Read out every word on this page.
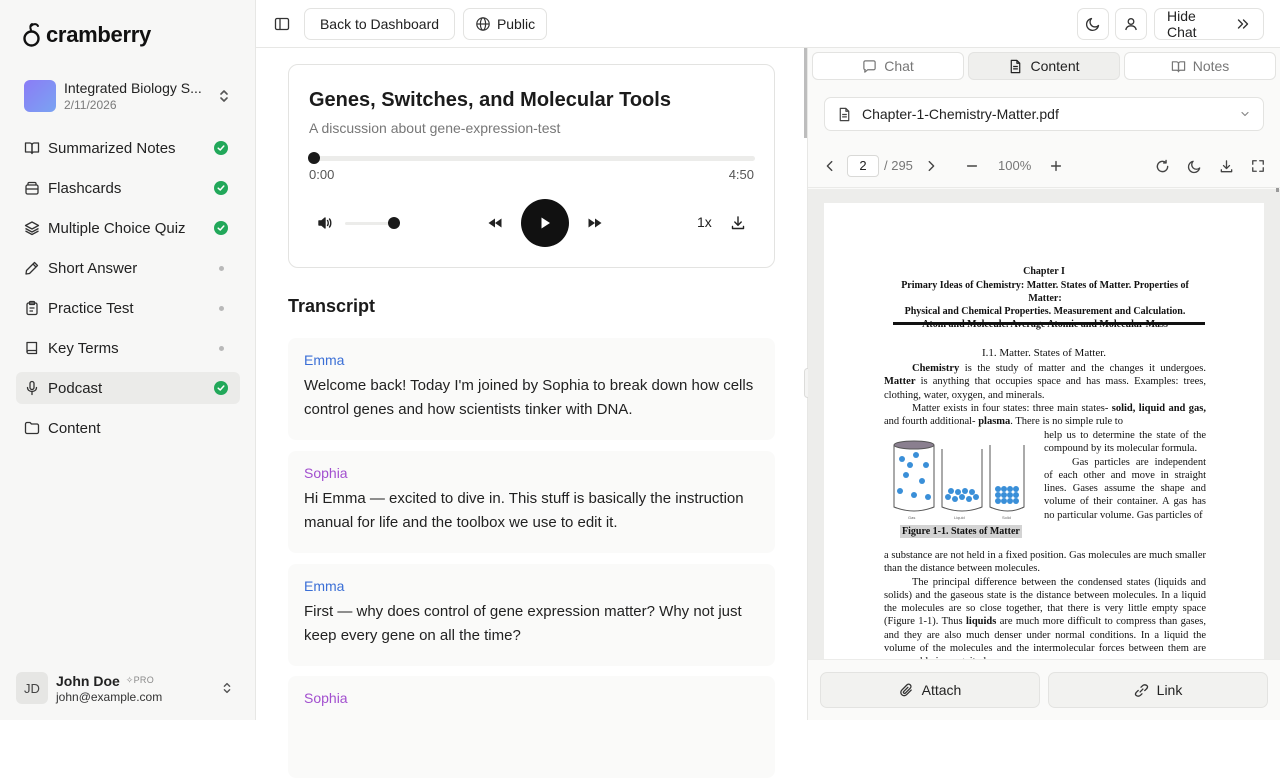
cramberry
Integrated Biology S...
2/11/2026
Summarized Notes
Flashcards
Multiple Choice Quiz
Short Answer
Practice Test
Key Terms
Podcast
Content
JD	John Doe ✧PRO
john@example.com
Back to Dashboard	Public	Hide Chat
Genes, Switches, and Molecular Tools
A discussion about gene-expression-test
0:00	4:50
1x
Transcript
Emma
Welcome back! Today I'm joined by Sophia to break down how cells control genes and how scientists tinker with DNA.
Sophia
Hi Emma — excited to dive in. This stuff is basically the instruction manual for life and the toolbox we use to edit it.
Emma
First — why does control of gene expression matter? Why not just keep every gene on all the time?
Sophia
Chat	Content	Notes
Chapter-1-Chemistry-Matter.pdf
2	/ 295	100%
Chapter I
Primary Ideas of Chemistry: Matter. States of Matter. Properties of Matter:
Physical and Chemical Properties. Measurement and Calculation.
I.1. Matter. States of Matter.
Chemistry is the study of matter and the changes it undergoes. Matter is anything that occupies space and has mass. Examples: trees, clothing, water, oxygen, and minerals.
Matter exists in four states: three main states- solid, liquid and gas, and fourth additional- plasma. There is no simple rule to
Gas	Liquid	Solid
Figure 1-1. States of Matter
help us to determine the state of the compound by its molecular formula.
Gas particles are independent of each other and move in straight lines. Gases assume the shape and volume of their container. A gas has no particular volume. Gas particles of
a substance are not held in a fixed position. Gas molecules are much smaller than the distance between molecules.
The principal difference between the condensed states (liquids and solids) and the gaseous state is the distance between molecules. In a liquid the molecules are so close together, that there is very little empty space (Figure 1-1). Thus liquids are much more difficult to compress than gases, and they are also much denser under normal conditions. In a liquid the volume of the molecules and the intermolecular forces between them are
Attach	Link
